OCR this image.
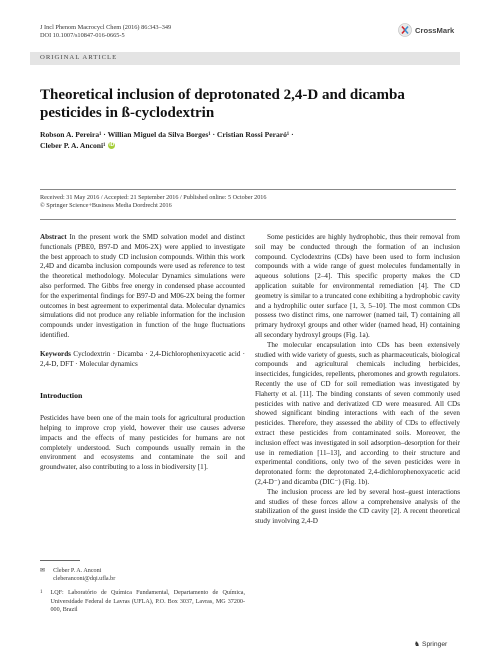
J Incl Phenom Macrocycl Chem (2016) 86:343–349
DOI 10.1007/s10847-016-0665-5
CrossMark
ORIGINAL ARTICLE
Theoretical inclusion of deprotonated 2,4-D and dicamba pesticides in ß-cyclodextrin
Robson A. Pereira¹ · Willian Miguel da Silva Borges¹ · Cristian Rossi Peraró¹ ·
Cleber P. A. Anconi¹ iD
Received: 31 May 2016 / Accepted: 21 September 2016 / Published online: 5 October 2016
© Springer Science+Business Media Dordrecht 2016

Abstract In the present work the SMD solvation model and distinct functionals (PBE0, B97-D and M06-2X) were applied to investigate the best approach to study CD inclusion compounds. Within this work 2,4D and dicamba inclusion compounds were used as reference to test the theoretical methodology. Molecular Dynamics simulations were also performed. The Gibbs free energy in condensed phase accounted for the experimental findings for B97-D and M06-2X being the former outcomes in best agreement to experimental data. Molecular dynamics simulations did not produce any reliable information for the inclusion compounds under investigation in function of the huge fluctuations identified.

Keywords Cyclodextrin · Dicamba · 2,4-Dichlorophenixyacetic acid · 2,4-D, DFT · Molecular dynamics

Introduction

Pesticides have been one of the main tools for agricultural production helping to improve crop yield, however their use causes adverse impacts and the effects of many pesticides for humans are not completely understood. Such compounds usually remain in the environment and ecosystems and contaminate the soil and groundwater, also contributing to a loss in biodiversity [1].

✉ Cleber P. A. Anconi
cleberanconi@dqi.ufla.br
1 LQF: Laboratório de Química Fundamental, Departamento de Química, Universidade Federal de Lavras (UFLA), P.O. Box 3037, Lavras, MG 37200-000, Brazil

Some pesticides are highly hydrophobic, thus their removal from soil may be conducted through the formation of an inclusion compound. Cyclodextrins (CDs) have been used to form inclusion compounds with a wide range of guest molecules fundamentally in aqueous solutions [2–4]. This specific property makes the CD application suitable for environmental remediation [4]. The CD geometry is similar to a truncated cone exhibiting a hydrophobic cavity and a hydrophilic outer surface [1, 3, 5–10]. The most common CDs possess two distinct rims, one narrower (named tail, T) containing all primary hydroxyl groups and other wider (named head, H) containing all secondary hydroxyl groups (Fig. 1a).

The molecular encapsulation into CDs has been extensively studied with wide variety of guests, such as pharmaceuticals, biological compounds and agricultural chemicals including herbicides, insecticides, fungicides, repellents, pheromones and growth regulators. Recently the use of CD for soil remediation was investigated by Flaherty et al. [11]. The binding constants of seven commonly used pesticides with native and derivatized CD were measured. All CDs showed significant binding interactions with each of the seven pesticides. Therefore, they assessed the ability of CDs to effectively extract these pesticides from contaminated soils. Moreover, the inclusion effect was investigated in soil adsorption–desorption for their use in remediation [11–13], and according to their structure and experimental conditions, only two of the seven pesticides were in deprotonated form: the deprotonated 2,4-dichlorophenoxyacetic acid (2,4-D⁻) and dicamba (DIC⁻) (Fig. 1b).

The inclusion process are led by several host–guest interactions and studies of these forces allow a comprehensive analysis of the stabilization of the guest inside the CD cavity [2]. A recent theoretical study involving 2,4-D

♞ Springer
